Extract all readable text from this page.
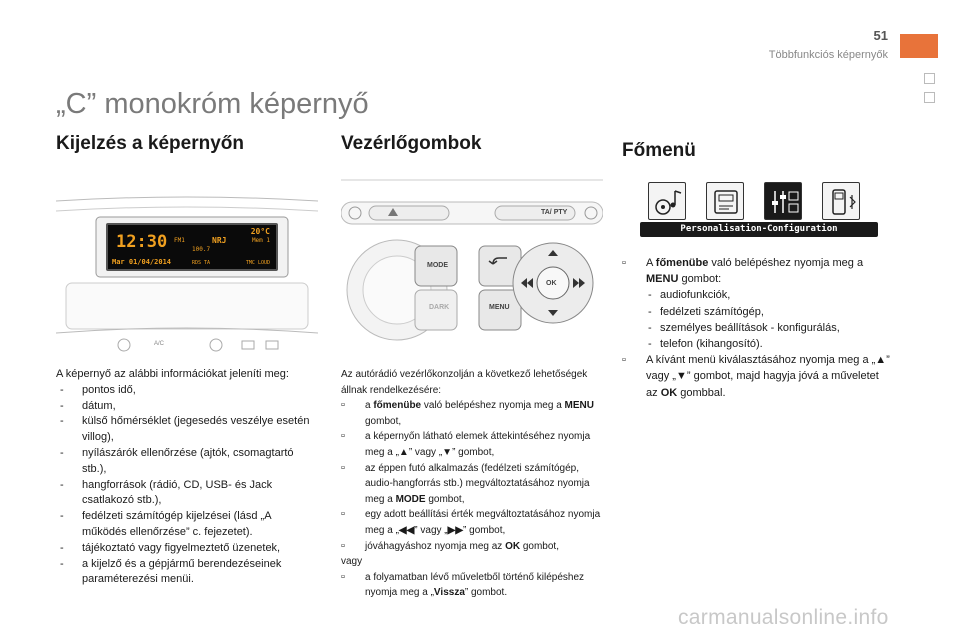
51
Többfunkciós képernyők
„C” monokróm képernyő
Kijelzés a képernyőn	Vezérlőgombok	Főmenü
12:30
20°C
FM1	NRJ	Mem 1
100.7
Mar 01/04/2014	RDS TA	TMC LOUD
A/C
TA/ PTY
MODE
DARK	MENU
OK
Personalisation-Configuration
A képernyő az alábbi információkat jeleníti meg:
- pontos idő,
- dátum,
- külső hőmérséklet (jegesedés veszélye esetén villog),
- nyílászárók ellenőrzése (ajtók, csomagtartó stb.),
- hangforrások (rádió, CD, USB- és Jack csatlakozó stb.),
- fedélzeti számítógép kijelzései (lásd „A működés ellenőrzése” c. fejezetet).
- tájékoztató vagy figyelmeztető üzenetek,
- a kijelző és a gépjármű berendezéseinek paraméterezési menüi.
Az autórádió vezérlőkonzolján a következő lehetőségek állnak rendelkezésére:
▫ a főmenübe való belépéshez nyomja meg a MENU gombot,
▫ a képernyőn látható elemek áttekintéséhez nyomja meg a „▲” vagy „▼” gombot,
▫ az éppen futó alkalmazás (fedélzeti számítógép, audio-hangforrás stb.) megváltoztatásához nyomja meg a MODE gombot,
▫ egy adott beállítási érték megváltoztatásához nyomja meg a „◀◀” vagy „▶▶” gombot,
▫ jóváhagyáshoz nyomja meg az OK gombot,
vagy
▫ a folyamatban lévő műveletből történő kilépéshez nyomja meg a „Vissza” gombot.
▫ A főmenübe való belépéshez nyomja meg a MENU gombot:
- audiofunkciók,
- fedélzeti számítógép,
- személyes beállítások - konfigurálás,
- telefon (kihangosító).
▫ A kívánt menü kiválasztásához nyomja meg a „▲” vagy „▼” gombot, majd hagyja jóvá a műveletet az OK gombbal.
carmanualsonline.info
